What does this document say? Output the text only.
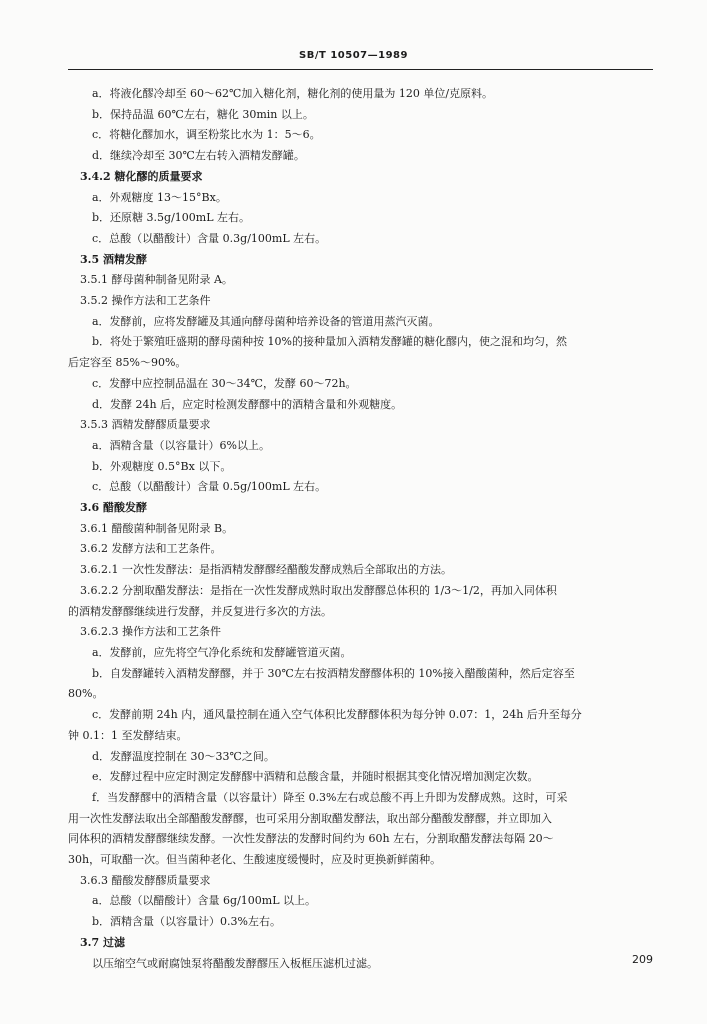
SB/T 10507—1989
a．将液化醪冷却至 60～62℃加入糖化剂，糖化剂的使用量为 120 单位/克原料。
b．保持品温 60℃左右，糖化 30min 以上。
c．将糖化醪加水，调至粉浆比水为 1：5～6。
d．继续冷却至 30℃左右转入酒精发酵罐。
3.4.2 糖化醪的质量要求
a．外观糖度 13～15°Bx。
b．还原糖 3.5g/100mL 左右。
c．总酸（以醋酸计）含量 0.3g/100mL 左右。
3.5 酒精发酵
3.5.1 酵母菌种制备见附录 A。
3.5.2 操作方法和工艺条件
a．发酵前，应将发酵罐及其通向酵母菌种培养设备的管道用蒸汽灭菌。
b．将处于繁殖旺盛期的酵母菌种按 10%的接种量加入酒精发酵罐的糖化醪内，使之混和均匀，然
后定容至 85%～90%。
c．发酵中应控制品温在 30～34℃，发酵 60～72h。
d．发酵 24h 后，应定时检测发酵醪中的酒精含量和外观糖度。
3.5.3 酒精发酵醪质量要求
a．酒精含量（以容量计）6%以上。
b．外观糖度 0.5°Bx 以下。
c．总酸（以醋酸计）含量 0.5g/100mL 左右。
3.6 醋酸发酵
3.6.1 醋酸菌种制备见附录 B。
3.6.2 发酵方法和工艺条件。
3.6.2.1 一次性发酵法：是指酒精发酵醪经醋酸发酵成熟后全部取出的方法。
3.6.2.2 分割取醋发酵法：是指在一次性发酵成熟时取出发酵醪总体积的 1/3～1/2，再加入同体积
的酒精发酵醪继续进行发酵，并反复进行多次的方法。
3.6.2.3 操作方法和工艺条件
a．发酵前，应先将空气净化系统和发酵罐管道灭菌。
b．自发酵罐转入酒精发酵醪，并于 30℃左右按酒精发酵醪体积的 10%接入醋酸菌种，然后定容至
80%。
c．发酵前期 24h 内，通风量控制在通入空气体积比发酵醪体积为每分钟 0.07：1，24h 后升至每分
钟 0.1：1 至发酵结束。
d．发酵温度控制在 30～33℃之间。
e．发酵过程中应定时测定发酵醪中酒精和总酸含量，并随时根据其变化情况增加测定次数。
f．当发酵醪中的酒精含量（以容量计）降至 0.3%左右或总酸不再上升即为发酵成熟。这时，可采
用一次性发酵法取出全部醋酸发酵醪，也可采用分割取醋发酵法，取出部分醋酸发酵醪，并立即加入
同体积的酒精发酵醪继续发酵。一次性发酵法的发酵时间约为 60h 左右，分割取醋发酵法每隔 20～
30h，可取醋一次。但当菌种老化、生酸速度缓慢时，应及时更换新鲜菌种。
3.6.3 醋酸发酵醪质量要求
a．总酸（以醋酸计）含量 6g/100mL 以上。
b．酒精含量（以容量计）0.3%左右。
3.7 过滤
以压缩空气或耐腐蚀泵将醋酸发酵醪压入板框压滤机过滤。	209
